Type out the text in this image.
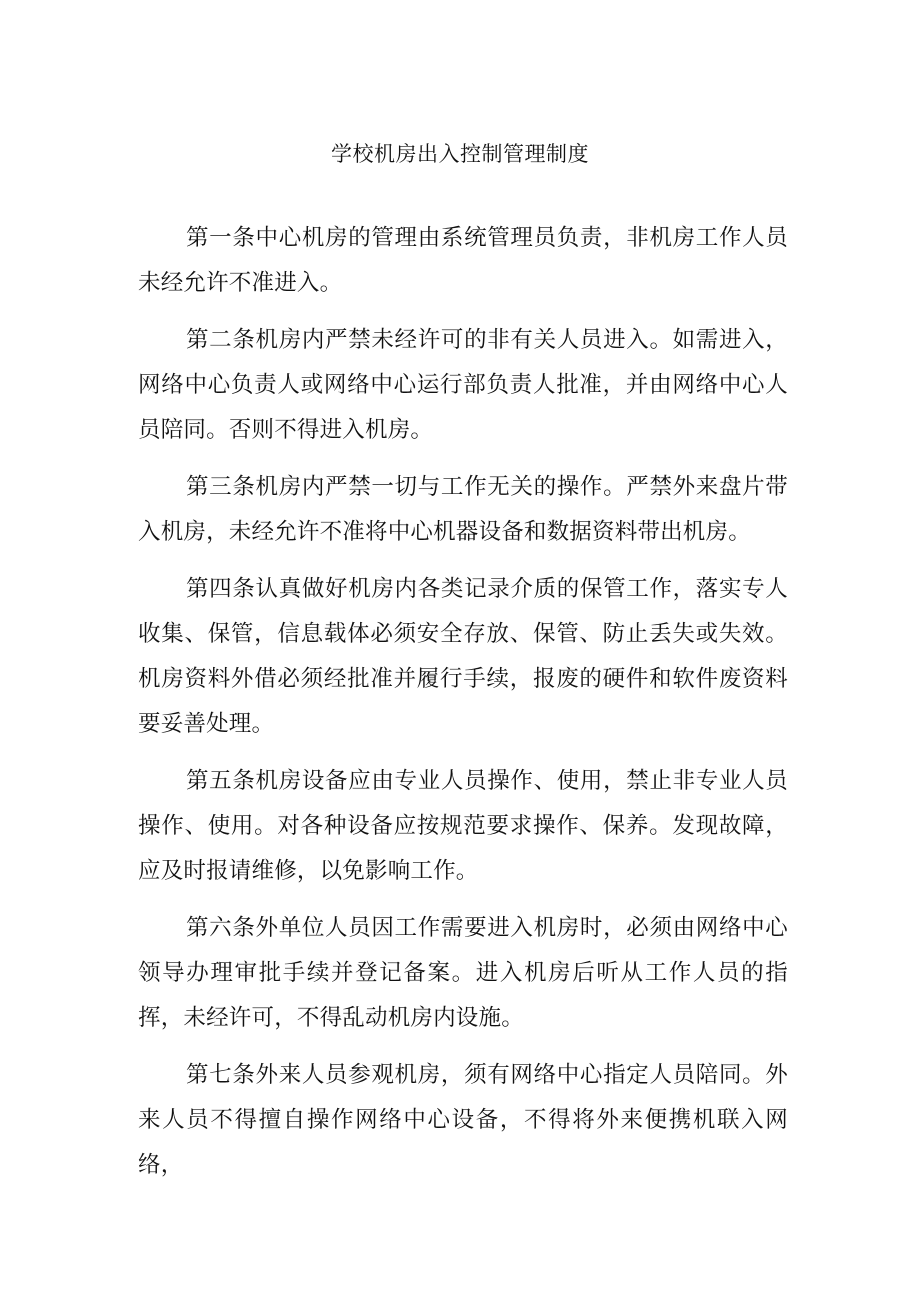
学校机房出入控制管理制度

第一条中心机房的管理由系统管理员负责，非机房工作人员未经允许不准进入。

第二条机房内严禁未经许可的非有关人员进入。如需进入，网络中心负责人或网络中心运行部负责人批准，并由网络中心人员陪同。否则不得进入机房。

第三条机房内严禁一切与工作无关的操作。严禁外来盘片带入机房，未经允许不准将中心机器设备和数据资料带出机房。

第四条认真做好机房内各类记录介质的保管工作，落实专人收集、保管，信息载体必须安全存放、保管、防止丢失或失效。机房资料外借必须经批准并履行手续，报废的硬件和软件废资料要妥善处理。

第五条机房设备应由专业人员操作、使用，禁止非专业人员操作、使用。对各种设备应按规范要求操作、保养。发现故障，应及时报请维修，以免影响工作。

第六条外单位人员因工作需要进入机房时，必须由网络中心领导办理审批手续并登记备案。进入机房后听从工作人员的指挥，未经许可，不得乱动机房内设施。

第七条外来人员参观机房，须有网络中心指定人员陪同。外来人员不得擅自操作网络中心设备，不得将外来便携机联入网络，
